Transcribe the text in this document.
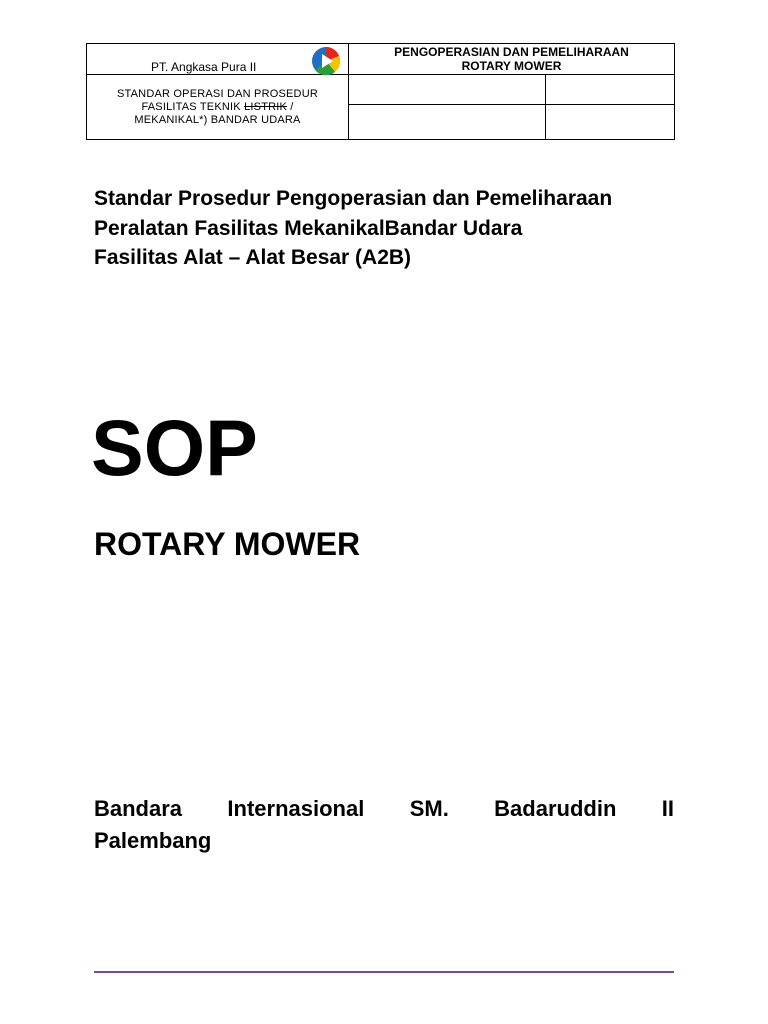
PT. Angkasa Pura II	PENGOPERASIAN DAN PEMELIHARAAN
ROTARY MOWER	

STANDAR OPERASI DAN PROSEDUR
FASILITAS TEKNIK LISTRIK /
MEKANIKAL*) BANDAR UDARA		

Standar Prosedur Pengoperasian dan Pemeliharaan
Peralatan Fasilitas MekanikalBandar Udara
Fasilitas Alat – Alat Besar (A2B)
SOP
ROTARY MOWER
Bandara Internasional SM. Badaruddin II
Palembang
